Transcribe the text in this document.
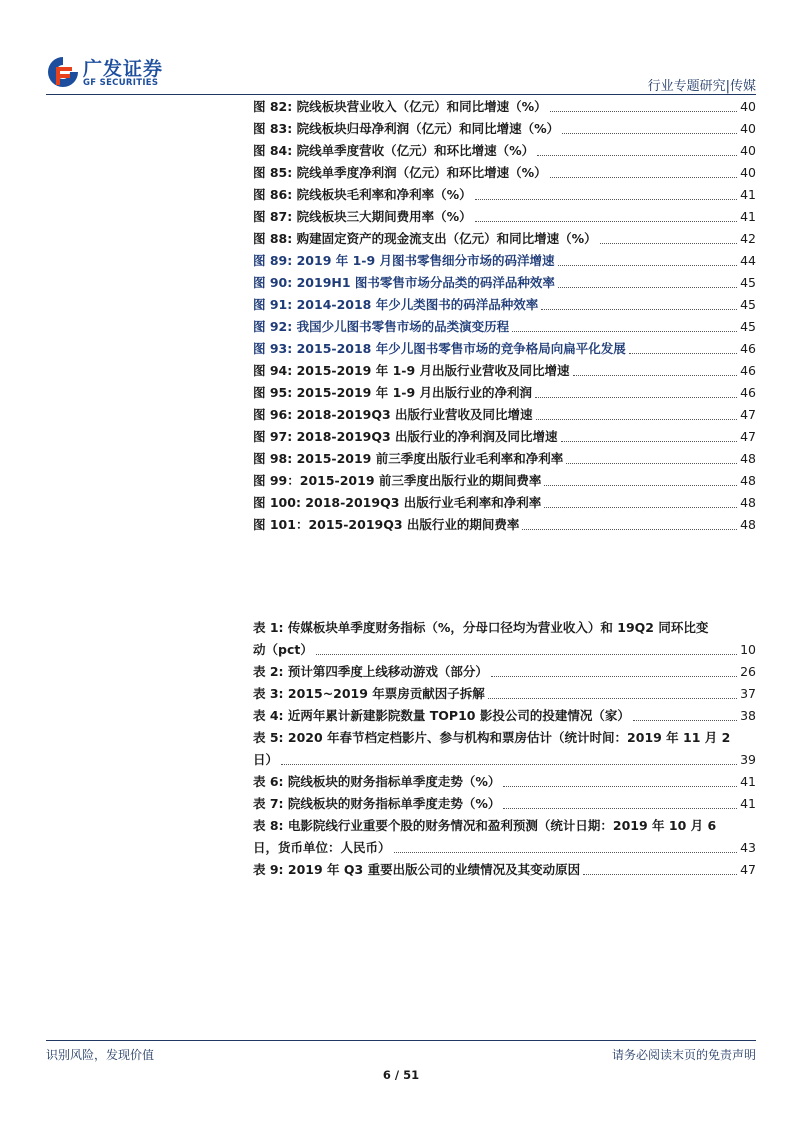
广发证券
GF SECURITIES	行业专题研究|传媒
图 82: 院线板块营业收入（亿元）和同比增速（%）	40
图 83: 院线板块归母净利润（亿元）和同比增速（%）	40
图 84: 院线单季度营收（亿元）和环比增速（%）	40
图 85: 院线单季度净利润（亿元）和环比增速（%）	40
图 86: 院线板块毛利率和净利率（%）	41
图 87: 院线板块三大期间费用率（%）	41
图 88: 购建固定资产的现金流支出（亿元）和同比增速（%）	42
图 89: 2019 年 1-9 月图书零售细分市场的码洋增速	44
图 90: 2019H1 图书零售市场分品类的码洋品种效率	45
图 91: 2014-2018 年少儿类图书的码洋品种效率	45
图 92: 我国少儿图书零售市场的品类演变历程	45
图 93: 2015-2018 年少儿图书零售市场的竞争格局向扁平化发展	46
图 94: 2015-2019 年 1-9 月出版行业营收及同比增速	46
图 95: 2015-2019 年 1-9 月出版行业的净利润	46
图 96: 2018-2019Q3 出版行业营收及同比增速	47
图 97: 2018-2019Q3 出版行业的净利润及同比增速	47
图 98: 2015-2019 前三季度出版行业毛利率和净利率	48
图 99：2015-2019 前三季度出版行业的期间费率	48
图 100: 2018-2019Q3 出版行业毛利率和净利率	48
图 101：2015-2019Q3 出版行业的期间费率	48
表 1: 传媒板块单季度财务指标（%，分母口径均为营业收入）和 19Q2 同环比变
动（pct）	10
表 2: 预计第四季度上线移动游戏（部分）	26
表 3: 2015~2019 年票房贡献因子拆解	37
表 4: 近两年累计新建影院数量 TOP10 影投公司的投建情况（家）	38
表 5: 2020 年春节档定档影片、参与机构和票房估计（统计时间：2019 年 11 月 2
日）	39
表 6: 院线板块的财务指标单季度走势（%）	41
表 7: 院线板块的财务指标单季度走势（%）	41
表 8: 电影院线行业重要个股的财务情况和盈利预测（统计日期：2019 年 10 月 6
日，货币单位：人民币）	43
表 9: 2019 年 Q3 重要出版公司的业绩情况及其变动原因	47
识别风险，发现价值	请务必阅读末页的免责声明
6 / 51
